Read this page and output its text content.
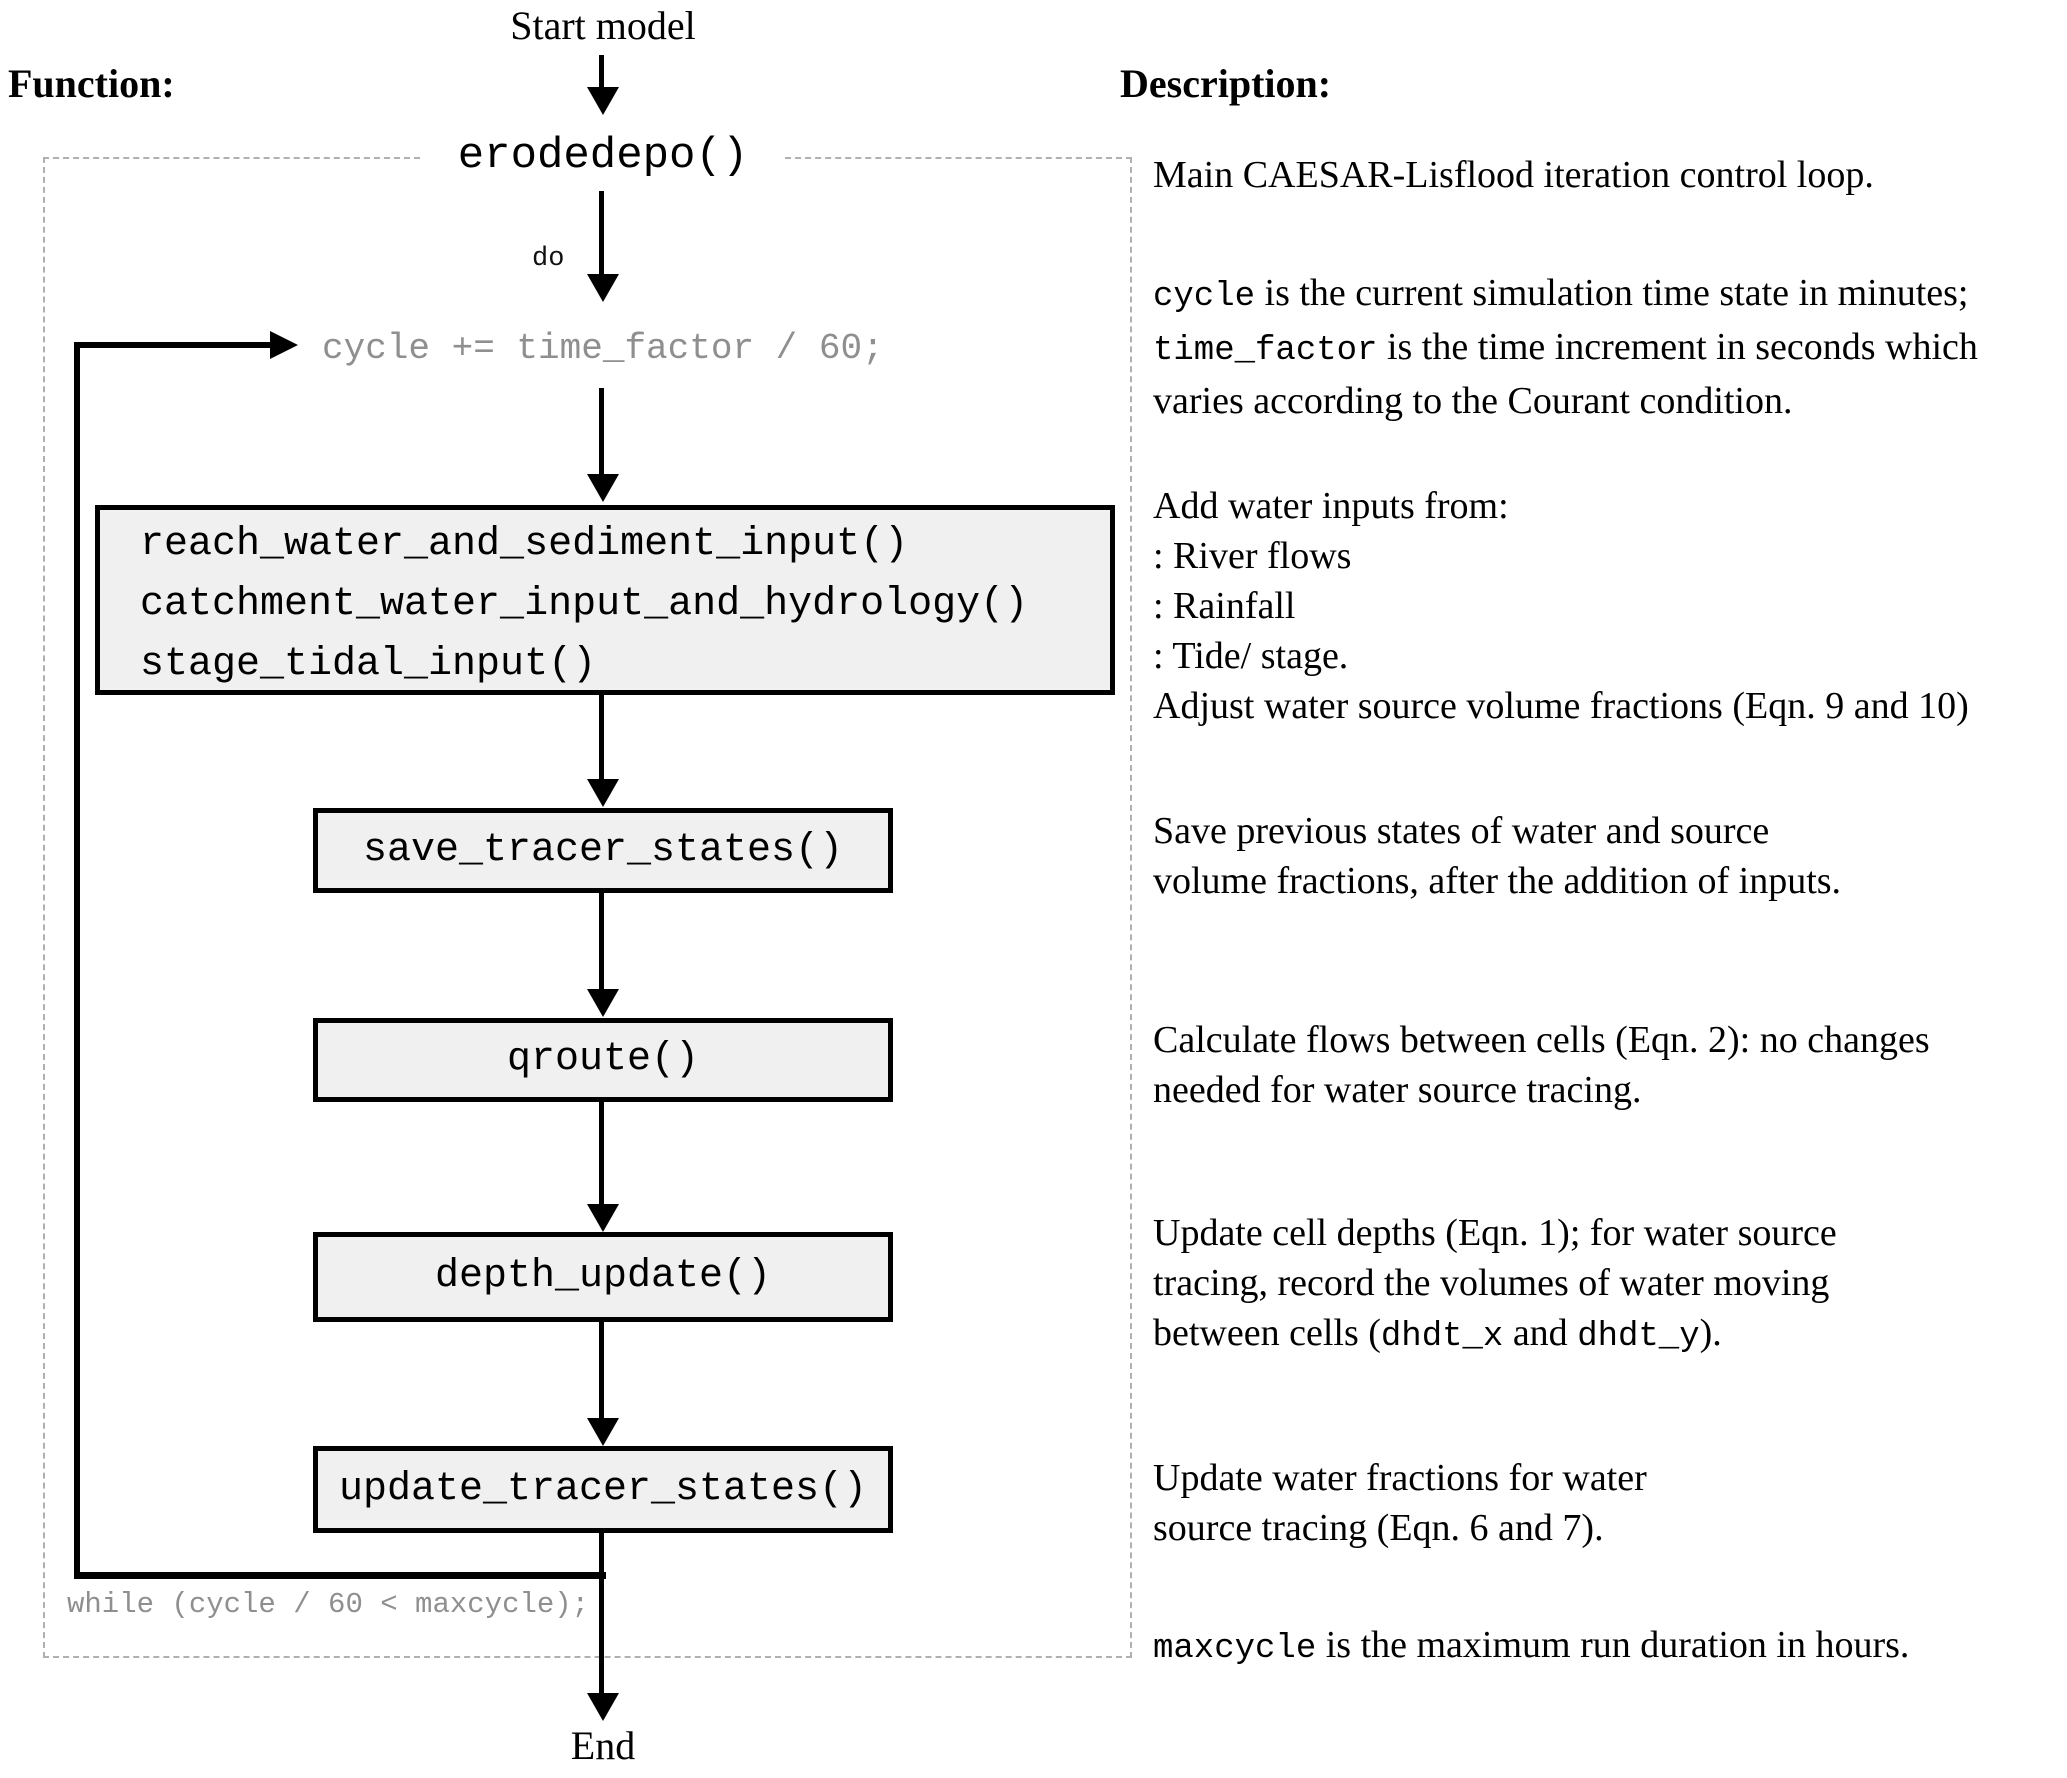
Function:	Description:
Start model
erodedepo()
do
cycle += time_factor / 60;
reach_water_and_sediment_input()
catchment_water_input_and_hydrology()
stage_tidal_input()
save_tracer_states()
qroute()
depth_update()
update_tracer_states()
while (cycle / 60 < maxcycle);
End
Main CAESAR-Lisflood iteration control loop.
cycle is the current simulation time state in minutes;
time_factor is the time increment in seconds which
varies according to the Courant condition.
Add water inputs from:
: River flows
: Rainfall
: Tide/ stage.
Adjust water source volume fractions (Eqn. 9 and 10)
Save previous states of water and source
volume fractions, after the addition of inputs.
Calculate flows between cells (Eqn. 2): no changes
needed for water source tracing.
Update cell depths (Eqn. 1); for water source
tracing, record the volumes of water moving
between cells (dhdt_x and dhdt_y).
Update water fractions for water
source tracing (Eqn. 6 and 7).
maxcycle is the maximum run duration in hours.
